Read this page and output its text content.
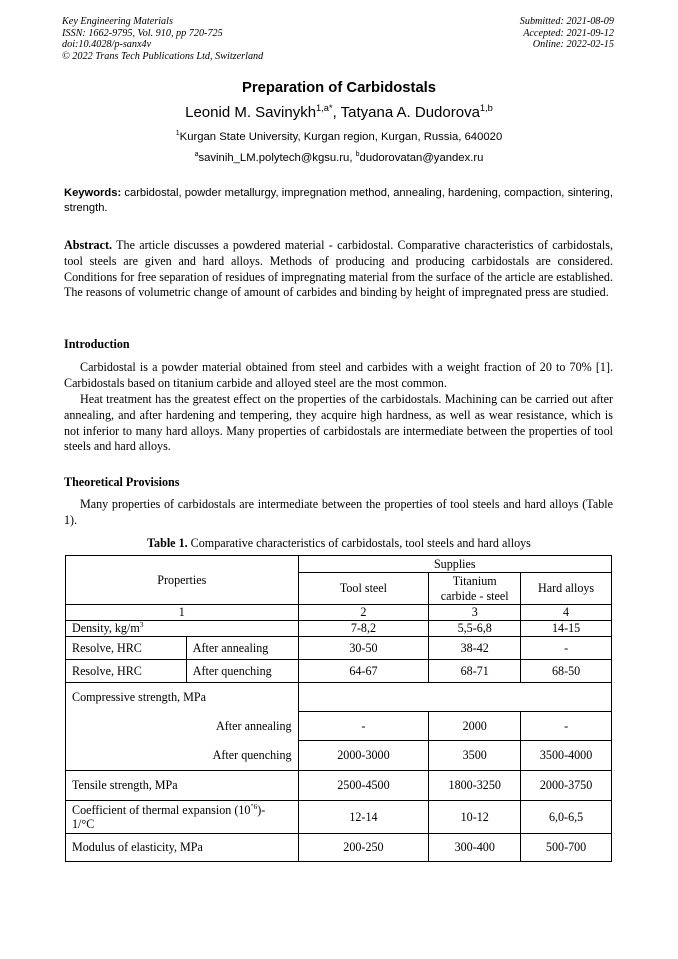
Key Engineering Materials
ISSN: 1662-9795, Vol. 910, pp 720-725
doi:10.4028/p-sanx4v
© 2022 Trans Tech Publications Ltd, Switzerland
Submitted: 2021-08-09
Accepted: 2021-09-12
Online: 2022-02-15
Preparation of Carbidostals
Leonid M. Savinykh$^{1,a*}$, Tatyana A. Dudorova$^{1,b}$
$^1$Kurgan State University, Kurgan region, Kurgan, Russia, 640020
$^a$savinih_LM.polytech@kgsu.ru, $^b$dudorovatan@yandex.ru
Keywords: carbidostal, powder metallurgy, impregnation method, annealing, hardening, compaction, sintering, strength.
Abstract. The article discusses a powdered material - carbidostal. Comparative characteristics of carbidostals, tool steels are given and hard alloys. Methods of producing and producing carbidostals are considered. Conditions for free separation of residues of impregnating material from the surface of the article are established. The reasons of volumetric change of amount of carbides and binding by height of impregnated press are studied.
Introduction
Carbidostal is a powder material obtained from steel and carbides with a weight fraction of 20 to 70% [1]. Carbidostals based on titanium carbide and alloyed steel are the most common.
Heat treatment has the greatest effect on the properties of the carbidostals. Machining can be carried out after annealing, and after hardening and tempering, they acquire high hardness, as well as wear resistance, which is not inferior to many hard alloys. Many properties of carbidostals are intermediate between the properties of tool steels and hard alloys.
Theoretical Provisions
Many properties of carbidostals are intermediate between the properties of tool steels and hard alloys (Table 1).
Table 1. Comparative characteristics of carbidostals, tool steels and hard alloys
Properties		Supplies		
		Tool steel	Titanium
carbide - steel	Hard alloys
1		2	3	4
Density, $kg/m^3$		7-8,2	5,5-6,8	14-15
Resolve, HRC	After annealing	30-50	38-42	-
Resolve, HRC	After quenching	64-67	68-71	68-50
Compressive strength, MPa				
After annealing		-	2000	-
After quenching		2000-3000	3500	3500-4000
Tensile strength, MPa		2500-4500	1800-3250	2000-3750

Coefficient of thermal expansion $(10^{"6})-$
1/°C		12-14	10-12	6,0-6,5
Modulus of elasticity, MPa		200-250	300-400	500-700
